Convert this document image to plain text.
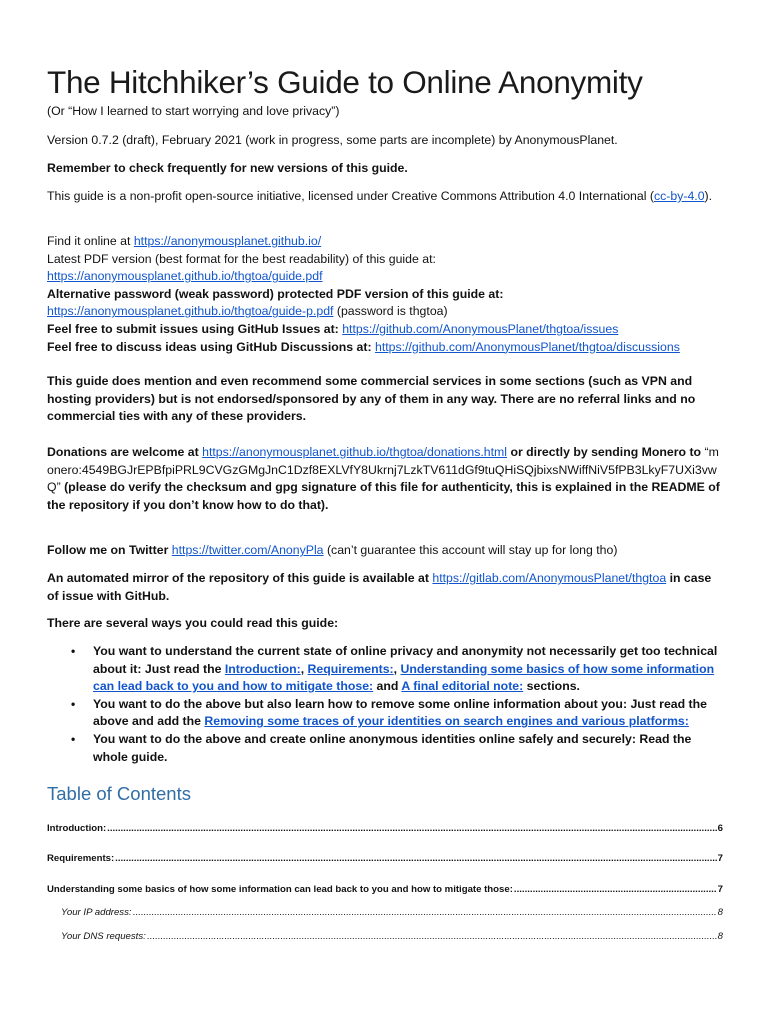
The Hitchhiker’s Guide to Online Anonymity
(Or “How I learned to start worrying and love privacy”)
Version 0.7.2 (draft), February 2021 (work in progress, some parts are incomplete) by AnonymousPlanet.
Remember to check frequently for new versions of this guide.
This guide is a non-profit open-source initiative, licensed under Creative Commons Attribution 4.0 International (cc-by-4.0).
Find it online at https://anonymousplanet.github.io/
Latest PDF version (best format for the best readability) of this guide at:
https://anonymousplanet.github.io/thgtoa/guide.pdf
Alternative password (weak password) protected PDF version of this guide at:
https://anonymousplanet.github.io/thgtoa/guide-p.pdf (password is thgtoa)
Feel free to submit issues using GitHub Issues at: https://github.com/AnonymousPlanet/thgtoa/issues
Feel free to discuss ideas using GitHub Discussions at: https://github.com/AnonymousPlanet/thgtoa/discussions
This guide does mention and even recommend some commercial services in some sections (such as VPN and hosting providers) but is not endorsed/sponsored by any of them in any way. There are no referral links and no commercial ties with any of these providers.
Donations are welcome at https://anonymousplanet.github.io/thgtoa/donations.html or directly by sending Monero to “monero:4549BGJrEPBfpiPRL9CVGzGMgJnC1Dzf8EXLVfY8Ukrnj7LzkTV611dGf9tuQHiSQjbixsNWiffNiV5fPB3LkyF7UXi3vwQ” (please do verify the checksum and gpg signature of this file for authenticity, this is explained in the README of the repository if you don’t know how to do that).
Follow me on Twitter https://twitter.com/AnonyPla (can’t guarantee this account will stay up for long tho)
An automated mirror of the repository of this guide is available at https://gitlab.com/AnonymousPlanet/thgtoa in case of issue with GitHub.
There are several ways you could read this guide:
• You want to understand the current state of online privacy and anonymity not necessarily get too technical about it: Just read the Introduction:, Requirements:, Understanding some basics of how some information can lead back to you and how to mitigate those: and A final editorial note: sections.
• You want to do the above but also learn how to remove some online information about you: Just read the above and add the Removing some traces of your identities on search engines and various platforms:
• You want to do the above and create online anonymous identities online safely and securely: Read the whole guide.
Table of Contents
Introduction: .....	6
Requirements: .....	7
Understanding some basics of how some information can lead back to you and how to mitigate those: .....	7
Your IP address: .....	8
Your DNS requests: .....	8
